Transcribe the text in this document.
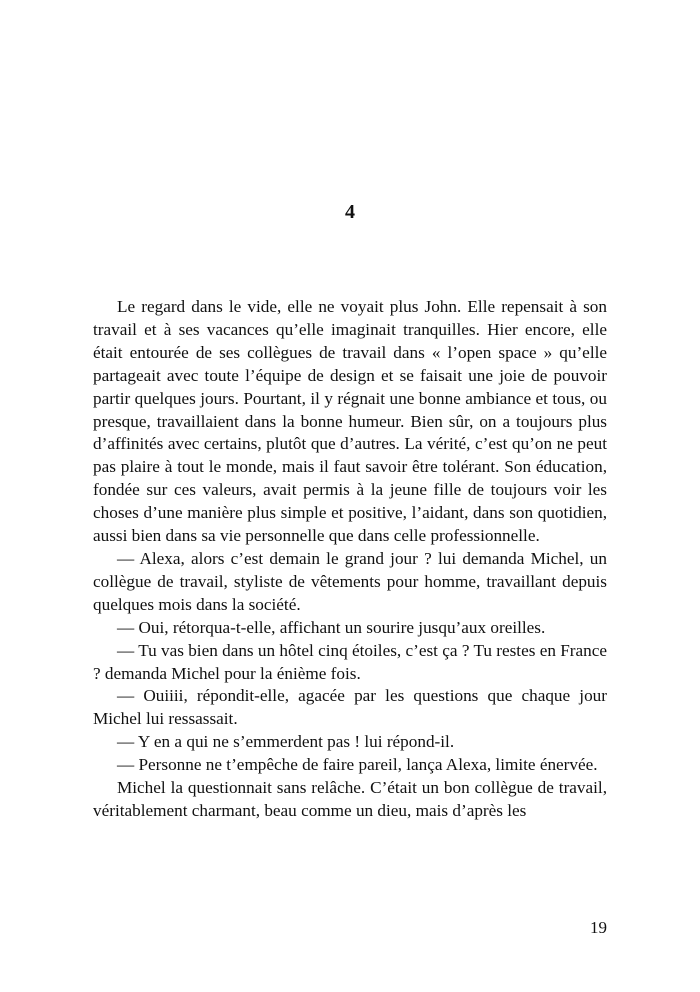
4

Le regard dans le vide, elle ne voyait plus John. Elle repensait à son travail et à ses vacances qu’elle imaginait tranquilles. Hier encore, elle était entourée de ses collègues de travail dans « l’open space » qu’elle partageait avec toute l’équipe de design et se faisait une joie de pouvoir partir quelques jours. Pourtant, il y régnait une bonne ambiance et tous, ou presque, travaillaient dans la bonne humeur. Bien sûr, on a toujours plus d’affinités avec certains, plutôt que d’autres. La vérité, c’est qu’on ne peut pas plaire à tout le monde, mais il faut savoir être tolérant. Son éducation, fondée sur ces valeurs, avait permis à la jeune fille de toujours voir les choses d’une manière plus simple et positive, l’aidant, dans son quotidien, aussi bien dans sa vie personnelle que dans celle professionnelle.

— Alexa, alors c’est demain le grand jour ? lui demanda Michel, un collègue de travail, styliste de vêtements pour homme, travaillant depuis quelques mois dans la société.

— Oui, rétorqua-t-elle, affichant un sourire jusqu’aux oreilles.

— Tu vas bien dans un hôtel cinq étoiles, c’est ça ? Tu restes en France ? demanda Michel pour la énième fois.

— Ouiiii, répondit-elle, agacée par les questions que chaque jour Michel lui ressassait.

— Y en a qui ne s’emmerdent pas ! lui répond-il.

— Personne ne t’empêche de faire pareil, lança Alexa, limite énervée.

Michel la questionnait sans relâche. C’était un bon collègue de travail, véritablement charmant, beau comme un dieu, mais d’après les

19
